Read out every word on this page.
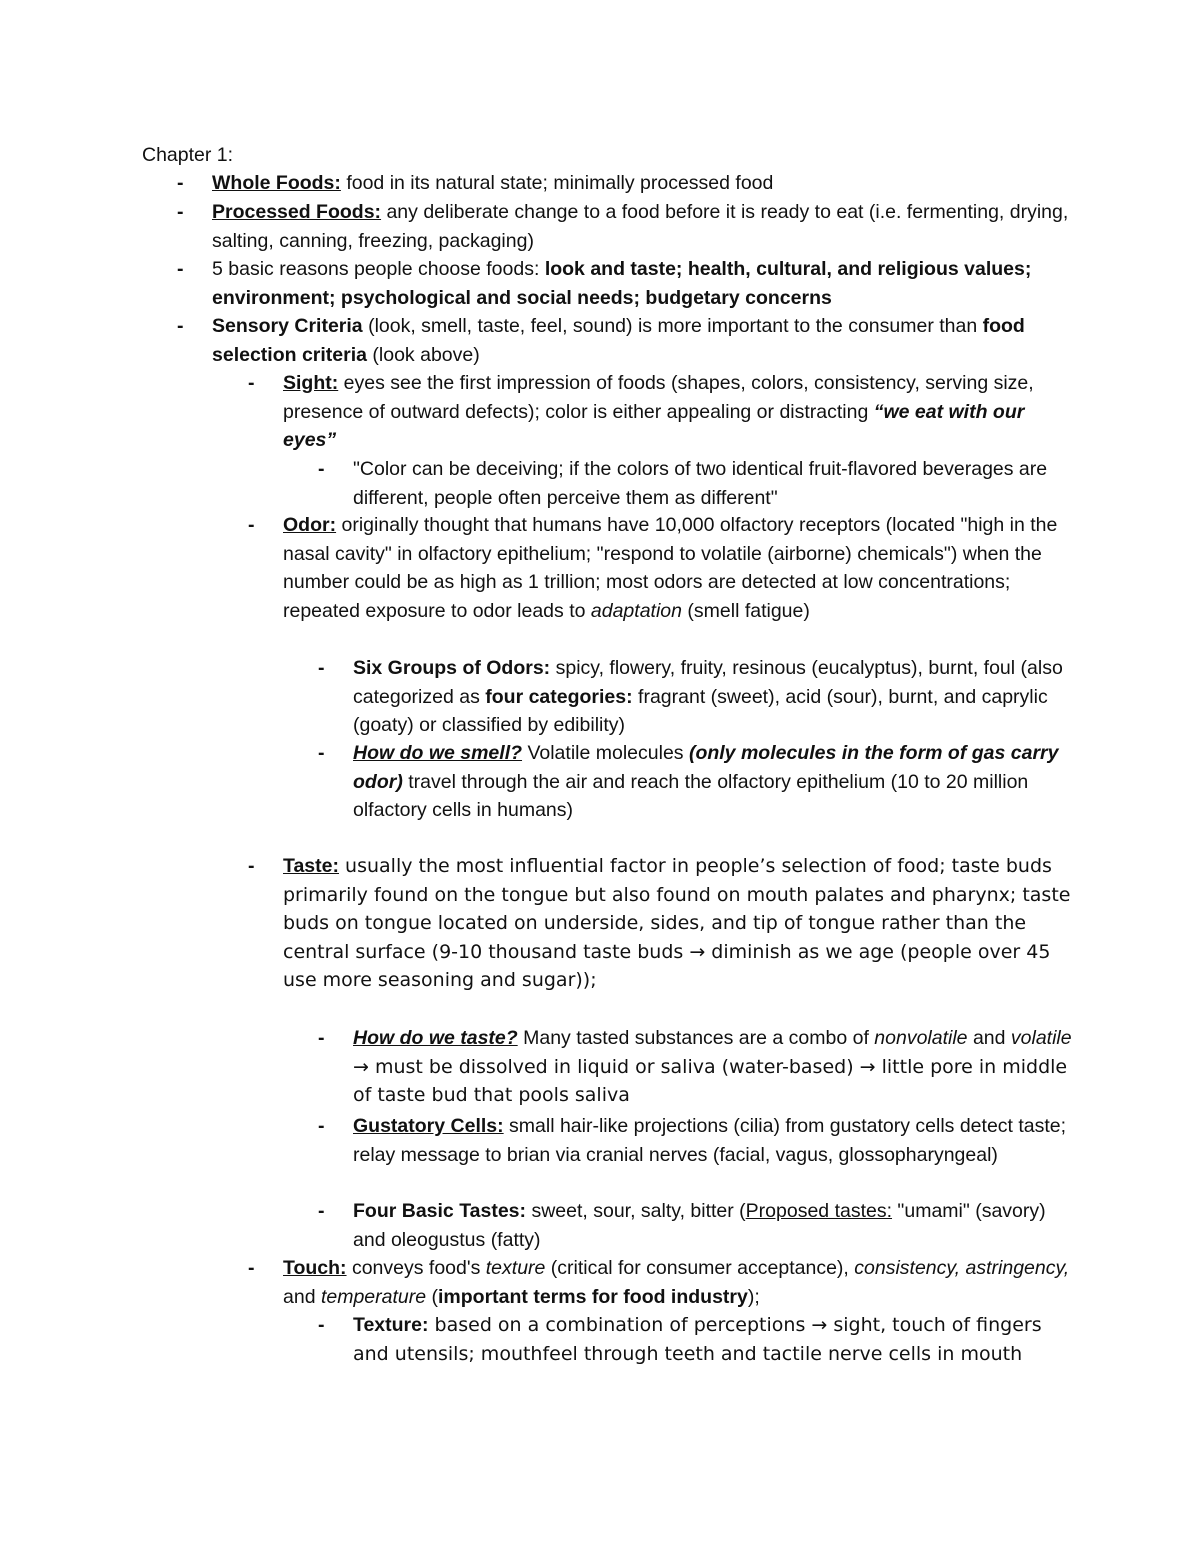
Chapter 1:
- Whole Foods: food in its natural state; minimally processed food
- Processed Foods: any deliberate change to a food before it is ready to eat (i.e. fermenting, drying, salting, canning, freezing, packaging)
- 5 basic reasons people choose foods: look and taste; health, cultural, and religious values; environment; psychological and social needs; budgetary concerns
- Sensory Criteria (look, smell, taste, feel, sound) is more important to the consumer than food selection criteria (look above)
- Sight: eyes see the first impression of foods (shapes, colors, consistency, serving size, presence of outward defects); color is either appealing or distracting “we eat with our eyes”
- "Color can be deceiving; if the colors of two identical fruit-flavored beverages are different, people often perceive them as different"
- Odor: originally thought that humans have 10,000 olfactory receptors (located "high in the nasal cavity" in olfactory epithelium; "respond to volatile (airborne) chemicals") when the number could be as high as 1 trillion; most odors are detected at low concentrations; repeated exposure to odor leads to adaptation (smell fatigue)
- Six Groups of Odors: spicy, flowery, fruity, resinous (eucalyptus), burnt, foul (also categorized as four categories: fragrant (sweet), acid (sour), burnt, and caprylic (goaty) or classified by edibility)
- How do we smell? Volatile molecules (only molecules in the form of gas carry odor) travel through the air and reach the olfactory epithelium (10 to 20 million olfactory cells in humans)
- Taste: usually the most influential factor in people’s selection of food; taste buds primarily found on the tongue but also found on mouth palates and pharynx; taste buds on tongue located on underside, sides, and tip of tongue rather than the central surface (9-10 thousand taste buds → diminish as we age (people over 45 use more seasoning and sugar));
- How do we taste? Many tasted substances are a combo of nonvolatile and volatile → must be dissolved in liquid or saliva (water-based) → little pore in middle of taste bud that pools saliva
- Gustatory Cells: small hair-like projections (cilia) from gustatory cells detect taste; relay message to brian via cranial nerves (facial, vagus, glossopharyngeal)
- Four Basic Tastes: sweet, sour, salty, bitter (Proposed tastes: "umami" (savory) and oleogustus (fatty)
- Touch: conveys food's texture (critical for consumer acceptance), consistency, astringency, and temperature (important terms for food industry);
- Texture: based on a combination of perceptions → sight, touch of fingers and utensils; mouthfeel through teeth and tactile nerve cells in mouth
